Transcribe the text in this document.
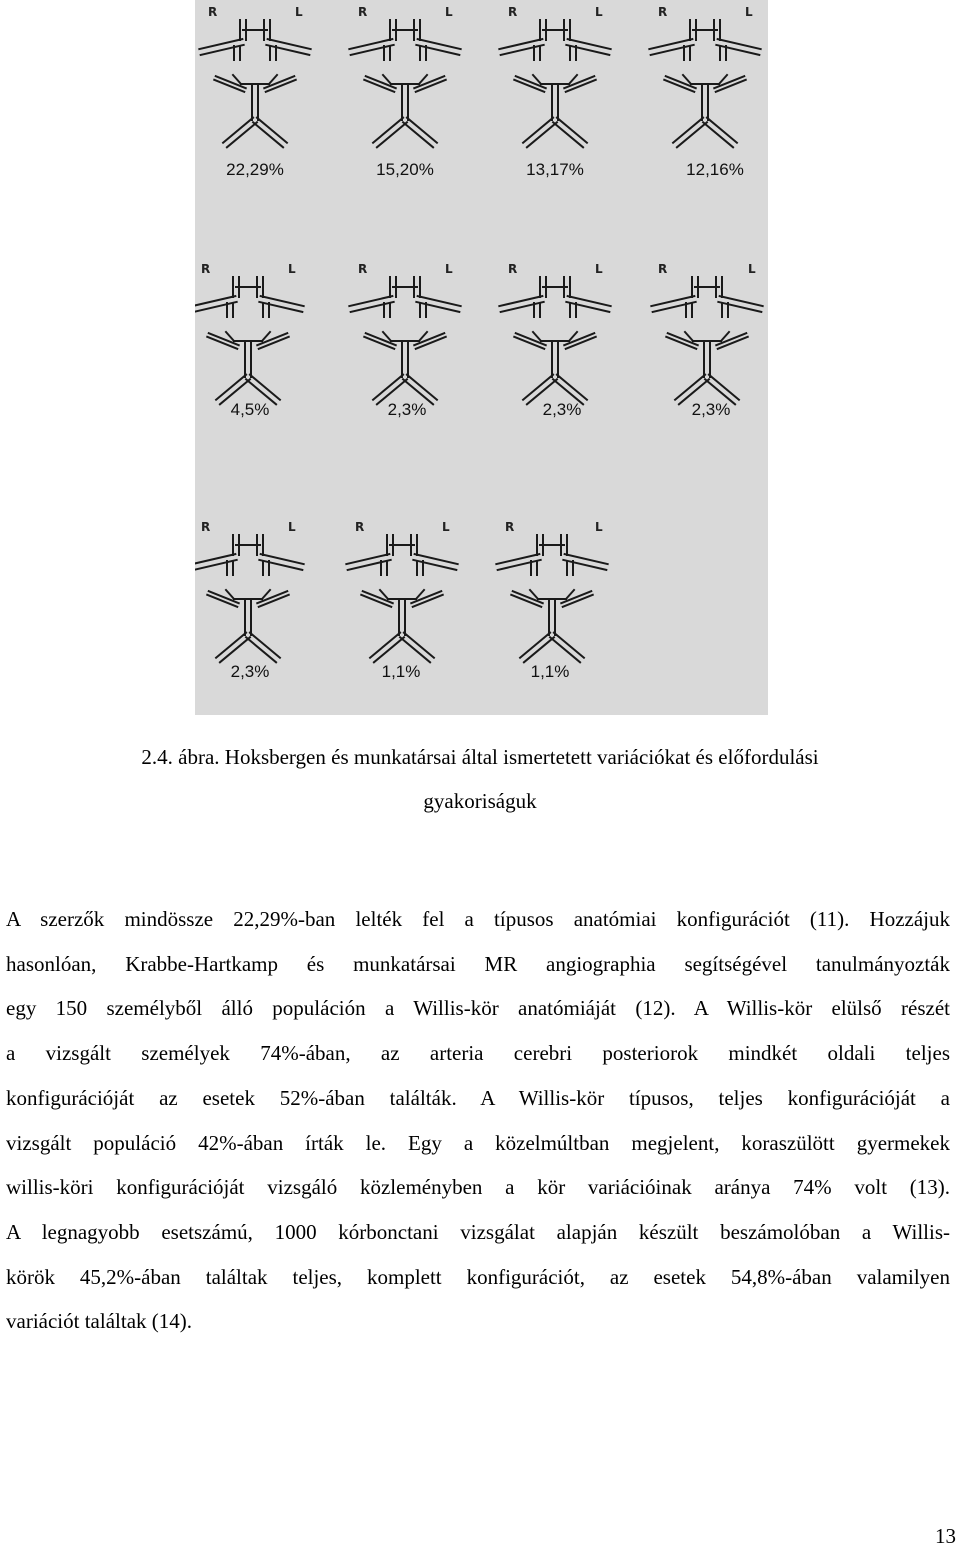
R	L	R	L	R	L	R	L
R	L	R	L	R	L	R	L
R	L	R	L	R	L
22,29%	15,20%	13,17%	12,16%
4,5%	2,3%	2,3%	2,3%
2,3%	1,1%	1,1%
2.4. ábra. Hoksbergen és munkatársai által ismertetett variációkat és előfordulási
gyakoriságuk

A szerzők mindössze 22,29%-ban lelték fel a típusos anatómiai konfigurációt (11). Hozzájuk
hasonlóan, Krabbe-Hartkamp és munkatársai MR angiographia segítségével tanulmányozták
egy 150 személyből álló populáción a Willis-kör anatómiáját (12). A Willis-kör elülső részét
a vizsgált személyek 74%-ában, az arteria cerebri posteriorok mindkét oldali teljes
konfigurációját az esetek 52%-ában találták. A Willis-kör típusos, teljes konfigurációját a
vizsgált populáció 42%-ában írták le. Egy a közelmúltban megjelent, koraszülött gyermekek
willis-köri konfigurációját vizsgáló közleményben a kör variációinak aránya 74% volt (13).
A legnagyobb esetszámú, 1000 kórbonctani vizsgálat alapján készült beszámolóban a Willis-
körök 45,2%-ában találtak teljes, komplett konfigurációt, az esetek 54,8%-ában valamilyen
variációt találtak (14).

13
